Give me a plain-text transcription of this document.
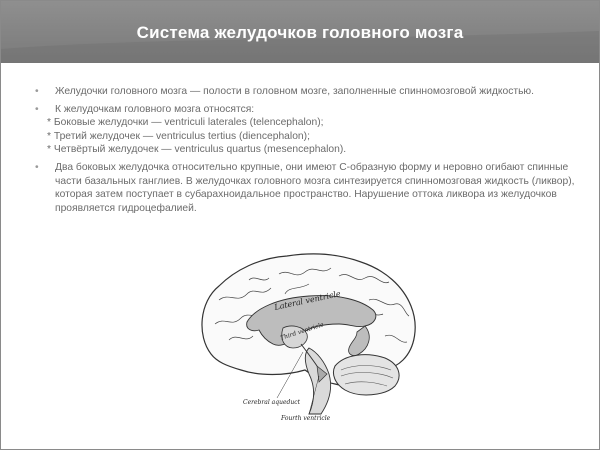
Система желудочков головного мозга
• Желудочки головного мозга — полости в головном мозге, заполненные спинномозговой жидкостью.
• К желудочкам головного мозга относятся:
* Боковые желудочки — ventriculi laterales (telencephalon);
* Третий желудочек — ventriculus tertius (diencephalon);
* Четвёртый желудочек — ventriculus quartus (mesencephalon).
• Два боковых желудочка относительно крупные, они имеют С-образную форму и неровно огибают спинные части базальных ганглиев. В желудочках головного мозга синтезируется спинномозговая жидкость (ликвор), которая затем поступает в субарахноидальное пространство. Нарушение оттока ликвора из желудочков проявляется гидроцефалией.
Lateral ventricle
Third ventricle
Cerebral aqueduct
Fourth ventricle
